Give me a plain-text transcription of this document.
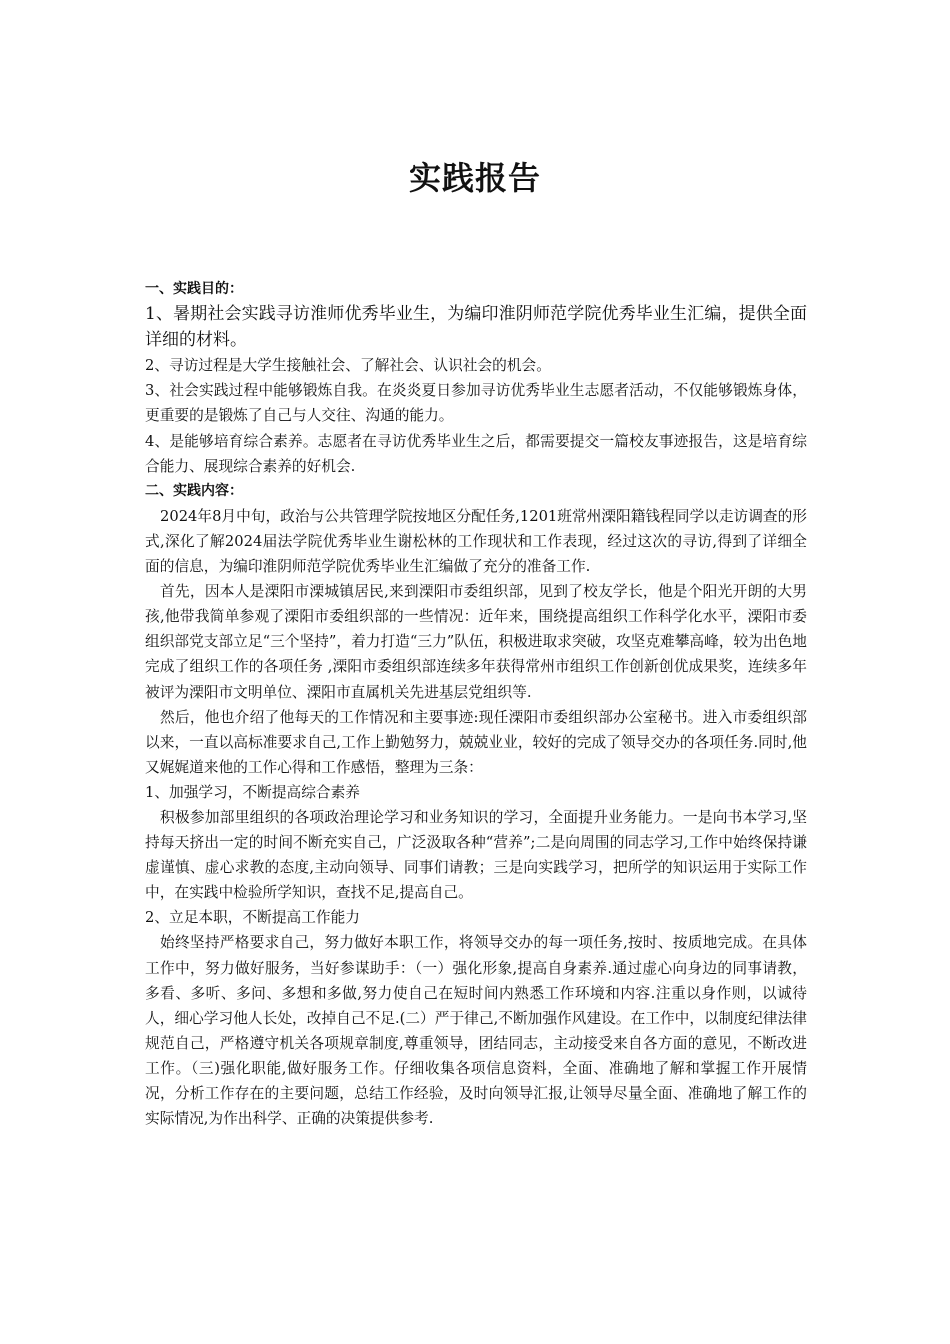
实践报告

一、实践目的：

1、暑期社会实践寻访淮师优秀毕业生，为编印淮阴师范学院优秀毕业生汇编，提供全面详细的材料。

2、寻访过程是大学生接触社会、了解社会、认识社会的机会。

3、社会实践过程中能够锻炼自我。在炎炎夏日参加寻访优秀毕业生志愿者活动，不仅能够锻炼身体，更重要的是锻炼了自己与人交往、沟通的能力。

4、是能够培育综合素养。志愿者在寻访优秀毕业生之后，都需要提交一篇校友事迹报告，这是培育综合能力、展现综合素养的好机会.

二、实践内容：

2024年8月中旬，政治与公共管理学院按地区分配任务,1201班常州溧阳籍钱程同学以走访调查的形式,深化了解2024届法学院优秀毕业生谢松林的工作现状和工作表现，经过这次的寻访,得到了详细全面的信息，为编印淮阴师范学院优秀毕业生汇编做了充分的准备工作.

首先，因本人是溧阳市溧城镇居民,来到溧阳市委组织部，见到了校友学长，他是个阳光开朗的大男孩,他带我简单参观了溧阳市委组织部的一些情况：近年来，围绕提高组织工作科学化水平，溧阳市委组织部党支部立足“三个坚持”，着力打造“三力”队伍，积极进取求突破，攻坚克难攀高峰，较为出色地完成了组织工作的各项任务 ,溧阳市委组织部连续多年获得常州市组织工作创新创优成果奖，连续多年被评为溧阳市文明单位、溧阳市直属机关先进基层党组织等.

然后，他也介绍了他每天的工作情况和主要事迹:现任溧阳市委组织部办公室秘书。进入市委组织部以来，一直以高标准要求自己,工作上勤勉努力，兢兢业业，较好的完成了领导交办的各项任务.同时,他又娓娓道来他的工作心得和工作感悟，整理为三条：

1、加强学习，不断提高综合素养

积极参加部里组织的各项政治理论学习和业务知识的学习，全面提升业务能力。一是向书本学习,坚持每天挤出一定的时间不断充实自己，广泛汲取各种“营养”;二是向周围的同志学习,工作中始终保持谦虚谨慎、虚心求教的态度,主动向领导、同事们请教；三是向实践学习，把所学的知识运用于实际工作中，在实践中检验所学知识，查找不足,提高自己。

2、立足本职，不断提高工作能力

始终坚持严格要求自己，努力做好本职工作，将领导交办的每一项任务,按时、按质地完成。在具体工作中，努力做好服务，当好参谋助手：（一）强化形象,提高自身素养.通过虚心向身边的同事请教，多看、多听、多问、多想和多做,努力使自己在短时间内熟悉工作环境和内容.注重以身作则，以诚待人，细心学习他人长处，改掉自己不足.(二）严于律己,不断加强作风建设。在工作中，以制度纪律法律规范自己，严格遵守机关各项规章制度,尊重领导，团结同志，主动接受来自各方面的意见，不断改进工作。（三)强化职能,做好服务工作。仔细收集各项信息资料，全面、准确地了解和掌握工作开展情况，分析工作存在的主要问题，总结工作经验，及时向领导汇报,让领导尽量全面、准确地了解工作的实际情况,为作出科学、正确的决策提供参考.
